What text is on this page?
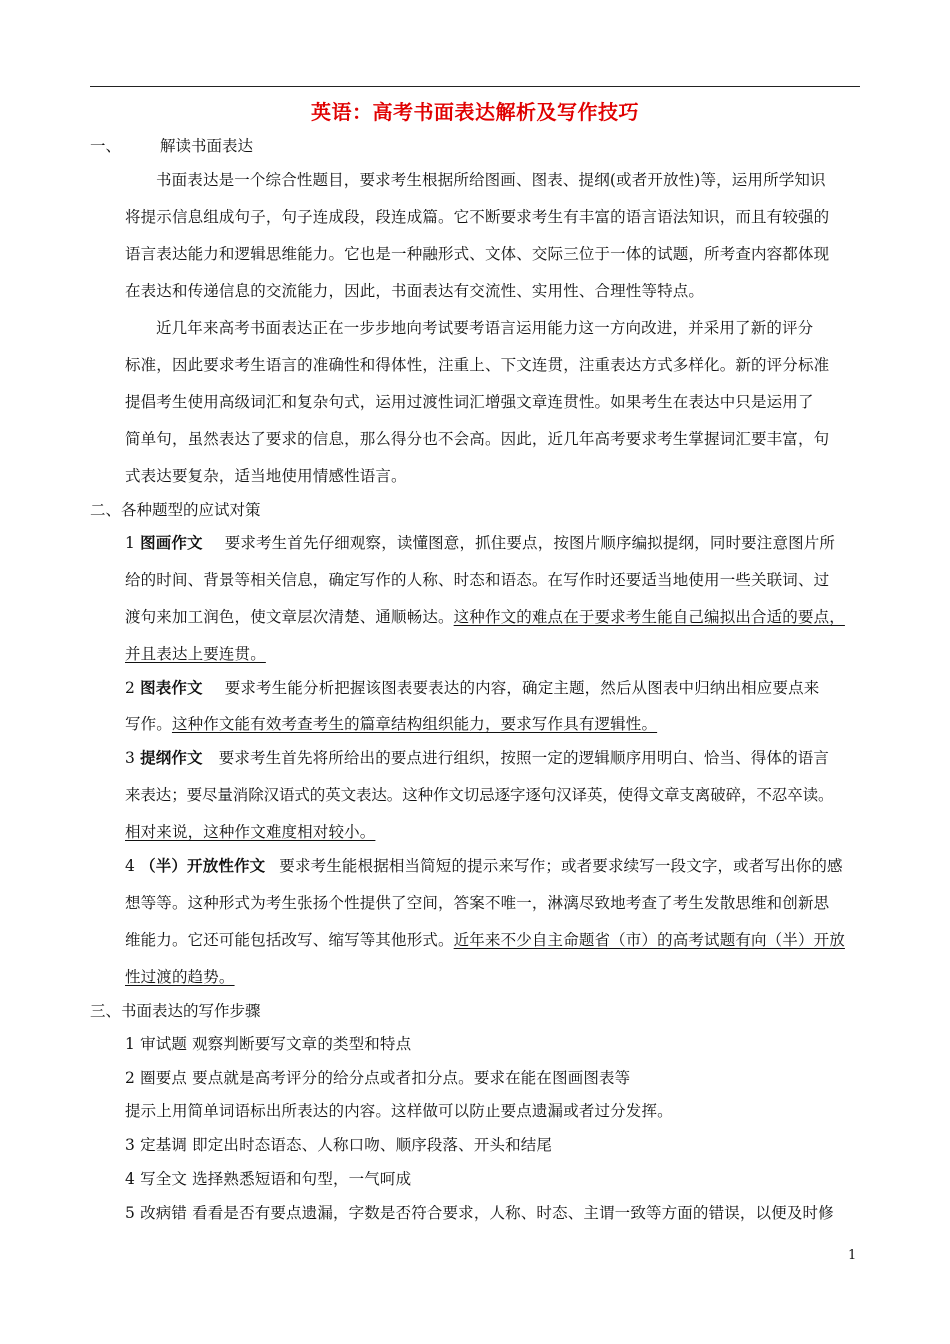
英语：高考书面表达解析及写作技巧
一、	解读书面表达
书面表达是一个综合性题目，要求考生根据所给图画、图表、提纲(或者开放性)等，运用所学知识
将提示信息组成句子，句子连成段，段连成篇。它不断要求考生有丰富的语言语法知识，而且有较强的
语言表达能力和逻辑思维能力。它也是一种融形式、文体、交际三位于一体的试题，所考查内容都体现
在表达和传递信息的交流能力，因此，书面表达有交流性、实用性、合理性等特点。
近几年来高考书面表达正在一步步地向考试要考语言运用能力这一方向改进，并采用了新的评分
标准，因此要求考生语言的准确性和得体性，注重上、下文连贯，注重表达方式多样化。新的评分标准
提倡考生使用高级词汇和复杂句式，运用过渡性词汇增强文章连贯性。如果考生在表达中只是运用了
简单句，虽然表达了要求的信息，那么得分也不会高。因此，近几年高考要求考生掌握词汇要丰富，句
式表达要复杂，适当地使用情感性语言。
二、各种题型的应试对策
1 图画作文 要求考生首先仔细观察，读懂图意，抓住要点，按图片顺序编拟提纲，同时要注意图片所
给的时间、背景等相关信息，确定写作的人称、时态和语态。在写作时还要适当地使用一些关联词、过
渡句来加工润色，使文章层次清楚、通顺畅达。这种作文的难点在于要求考生能自己编拟出合适的要点，
并且表达上要连贯。
2 图表作文 要求考生能分析把握该图表要表达的内容，确定主题，然后从图表中归纳出相应要点来
写作。这种作文能有效考查考生的篇章结构组织能力，要求写作具有逻辑性。
3 提纲作文 要求考生首先将所给出的要点进行组织，按照一定的逻辑顺序用明白、恰当、得体的语言
来表达；要尽量消除汉语式的英文表达。这种作文切忌逐字逐句汉译英，使得文章支离破碎，不忍卒读。
相对来说，这种作文难度相对较小。
4 （半）开放性作文 要求考生能根据相当简短的提示来写作；或者要求续写一段文字，或者写出你的感
想等等。这种形式为考生张扬个性提供了空间，答案不唯一，淋漓尽致地考查了考生发散思维和创新思
维能力。它还可能包括改写、缩写等其他形式。近年来不少自主命题省（市）的高考试题有向（半）开放
性过渡的趋势。
三、书面表达的写作步骤
1 审试题 观察判断要写文章的类型和特点
2 圈要点 要点就是高考评分的给分点或者扣分点。要求在能在图画图表等
提示上用简单词语标出所表达的内容。这样做可以防止要点遗漏或者过分发挥。
3 定基调 即定出时态语态、人称口吻、顺序段落、开头和结尾
4 写全文 选择熟悉短语和句型，一气呵成
5 改病错 看看是否有要点遗漏，字数是否符合要求，人称、时态、主谓一致等方面的错误，以便及时修
1
